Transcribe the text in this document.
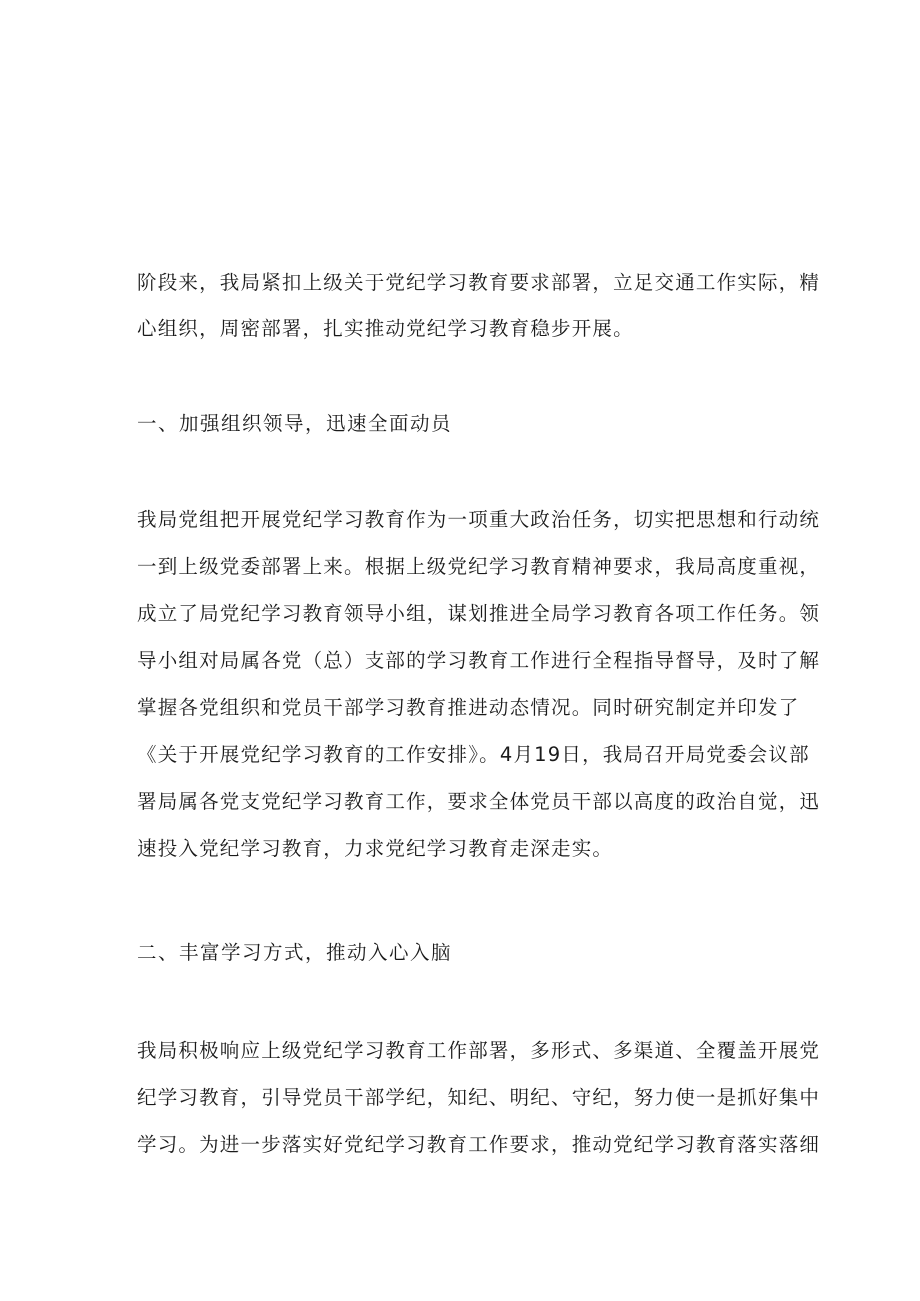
阶段来，我局紧扣上级关于党纪学习教育要求部署，立足交通工作实际，精
心组织，周密部署，扎实推动党纪学习教育稳步开展。
一、加强组织领导，迅速全面动员
我局党组把开展党纪学习教育作为一项重大政治任务，切实把思想和行动统
一到上级党委部署上来。根据上级党纪学习教育精神要求，我局高度重视，
成立了局党纪学习教育领导小组，谋划推进全局学习教育各项工作任务。领
导小组对局属各党（总）支部的学习教育工作进行全程指导督导，及时了解
掌握各党组织和党员干部学习教育推进动态情况。同时研究制定并印发了
《关于开展党纪学习教育的工作安排》。4月19日，我局召开局党委会议部
署局属各党支党纪学习教育工作，要求全体党员干部以高度的政治自觉，迅
速投入党纪学习教育，力求党纪学习教育走深走实。
二、丰富学习方式，推动入心入脑
我局积极响应上级党纪学习教育工作部署，多形式、多渠道、全覆盖开展党
纪学习教育，引导党员干部学纪，知纪、明纪、守纪，努力使一是抓好集中
学习。为进一步落实好党纪学习教育工作要求，推动党纪学习教育落实落细
